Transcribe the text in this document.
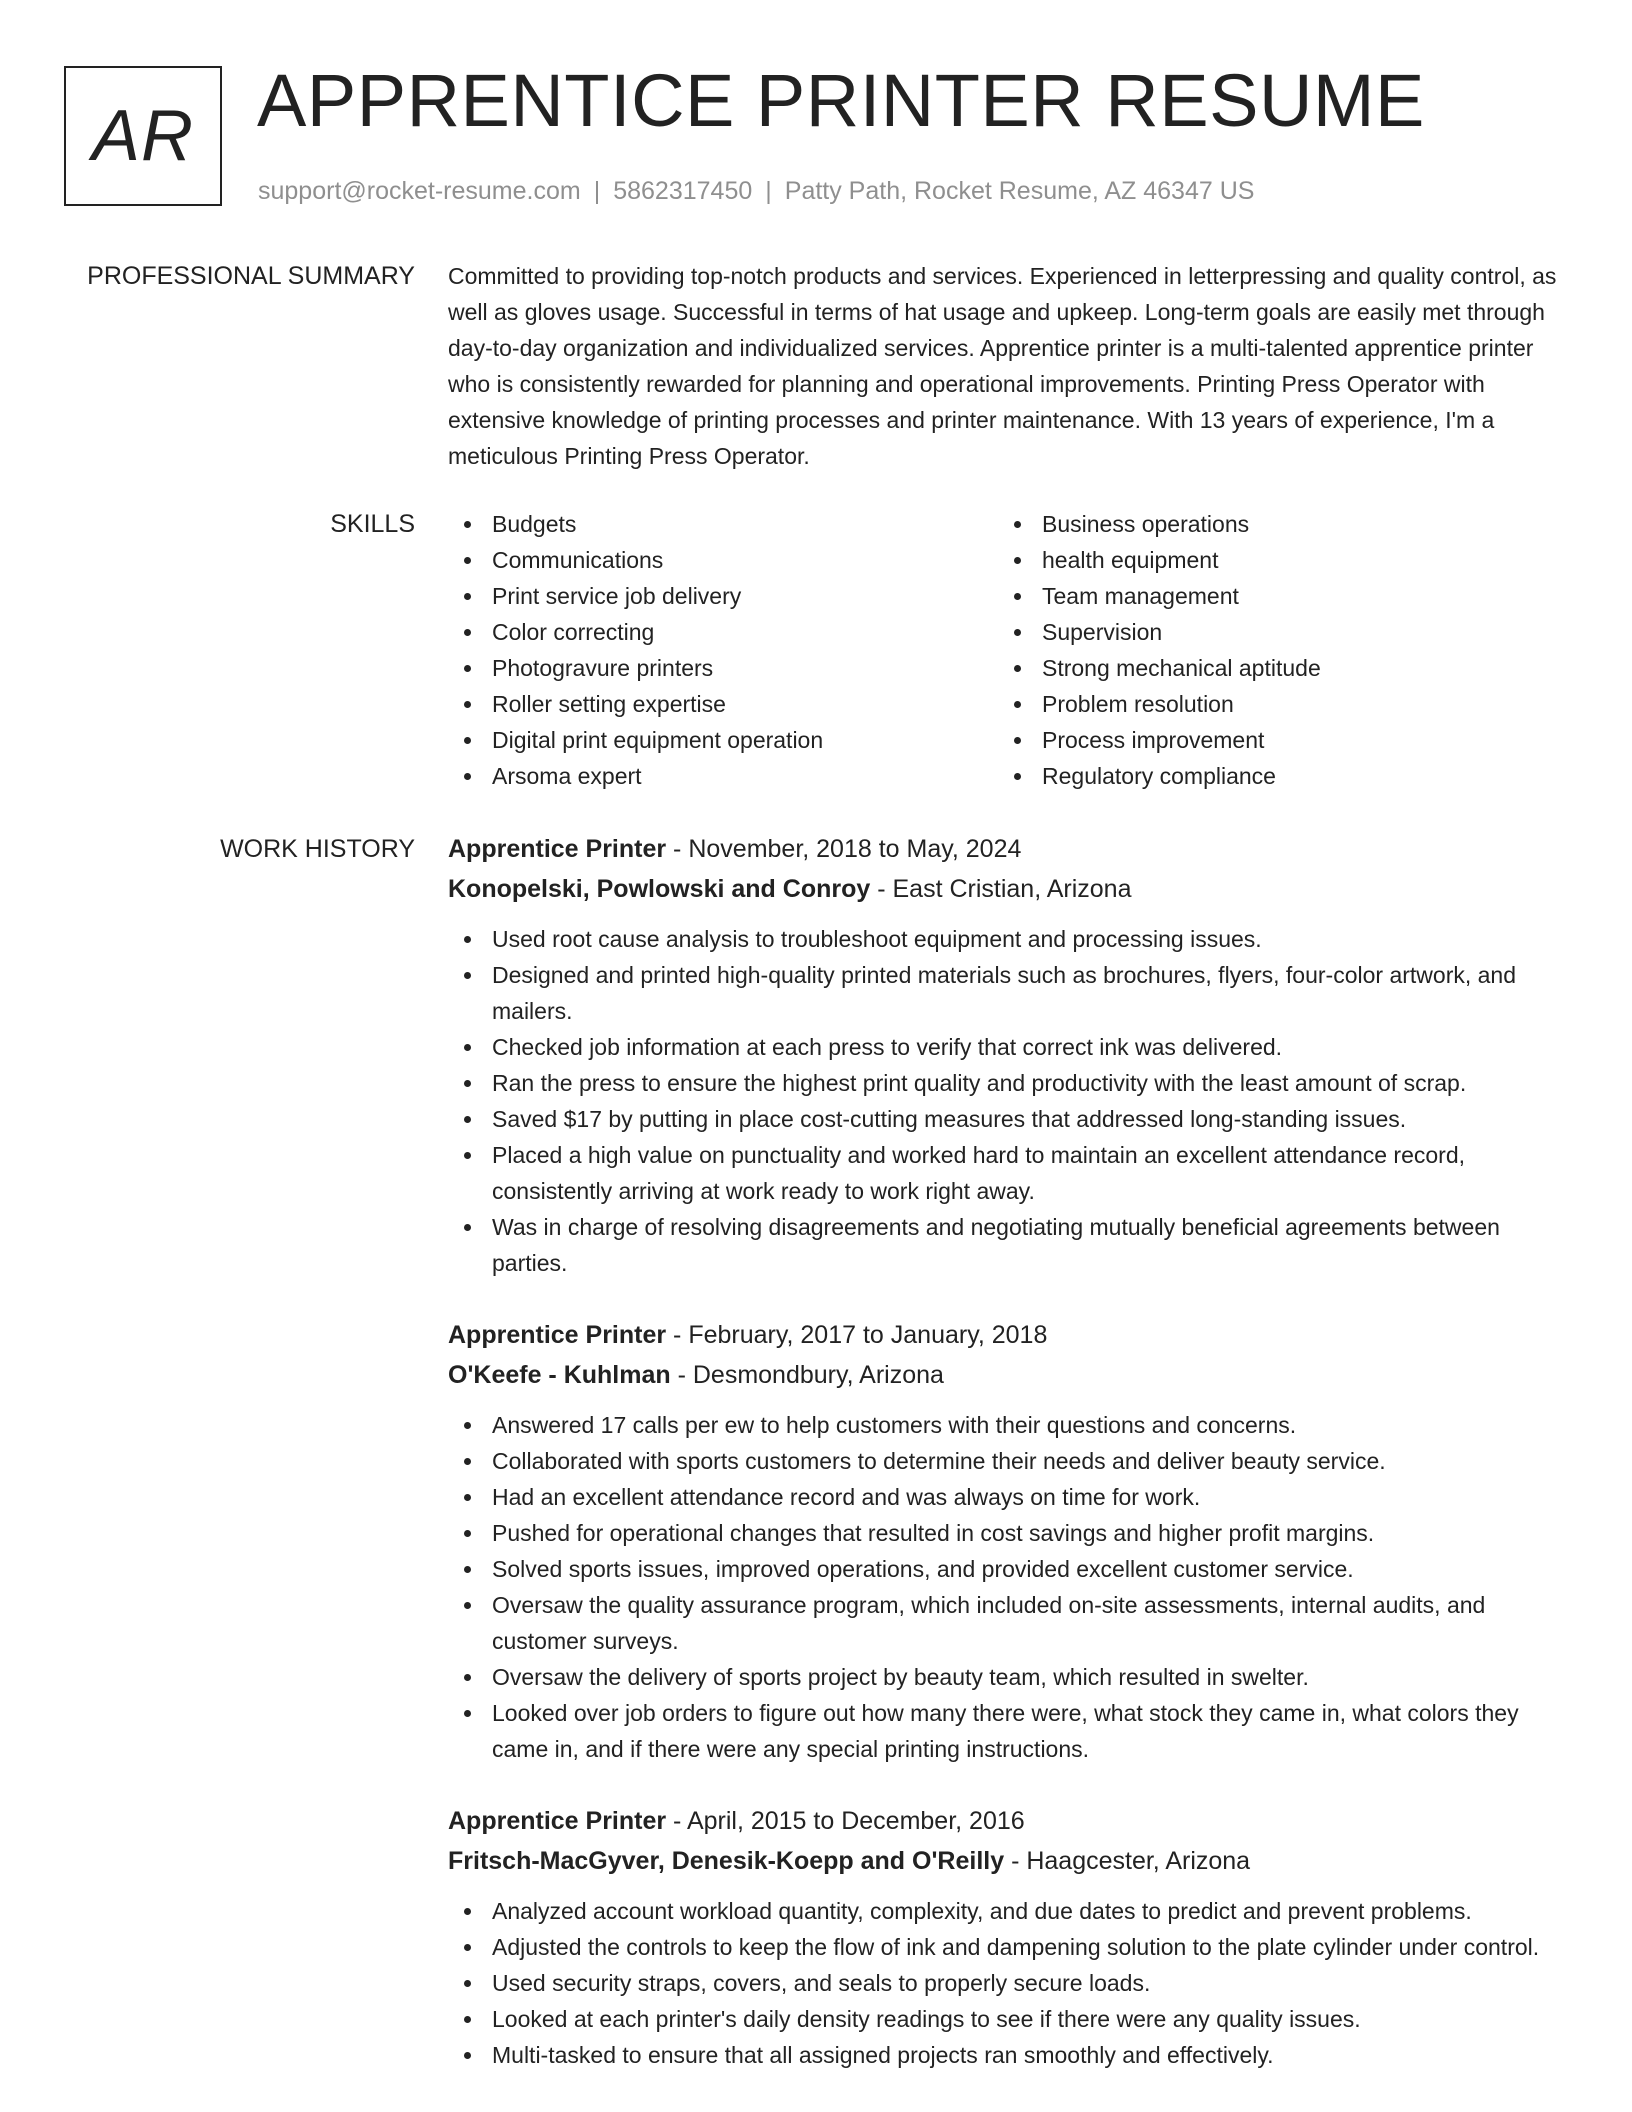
AR APPRENTICE PRINTER RESUME
support@rocket-resume.com | 5862317450 | Patty Path, Rocket Resume, AZ 46347 US
PROFESSIONAL SUMMARY Committed to providing top-notch products and services. Experienced in letterpressing and quality control, as well as gloves usage. Successful in terms of hat usage and upkeep. Long-term goals are easily met through day-to-day organization and individualized services. Apprentice printer is a multi-talented apprentice printer who is consistently rewarded for planning and operational improvements. Printing Press Operator with extensive knowledge of printing processes and printer maintenance. With 13 years of experience, I'm a meticulous Printing Press Operator.

SKILLS	Budgets
Communications
Print service job delivery
Color correcting
Photogravure printers
Roller setting expertise
Digital print equipment operation
Arsoma expert
Business operations
health equipment
Team management
Supervision
Strong mechanical aptitude
Problem resolution
Process improvement
Regulatory compliance
WORK HISTORY Apprentice Printer - November, 2018 to May, 2024
Konopelski, Powlowski and Conroy - East Cristian, Arizona
Used root cause analysis to troubleshoot equipment and processing issues.
Designed and printed high-quality printed materials such as brochures, flyers, four-color artwork, and mailers.
Checked job information at each press to verify that correct ink was delivered.
Ran the press to ensure the highest print quality and productivity with the least amount of scrap.
Saved $17 by putting in place cost-cutting measures that addressed long-standing issues.
Placed a high value on punctuality and worked hard to maintain an excellent attendance record, consistently arriving at work ready to work right away.
Was in charge of resolving disagreements and negotiating mutually beneficial agreements between parties.
Apprentice Printer - February, 2017 to January, 2018
O'Keefe - Kuhlman - Desmondbury, Arizona
Answered 17 calls per ew to help customers with their questions and concerns.
Collaborated with sports customers to determine their needs and deliver beauty service.
Had an excellent attendance record and was always on time for work.
Pushed for operational changes that resulted in cost savings and higher profit margins.
Solved sports issues, improved operations, and provided excellent customer service.
Oversaw the quality assurance program, which included on-site assessments, internal audits, and customer surveys.
Oversaw the delivery of sports project by beauty team, which resulted in swelter.
Looked over job orders to figure out how many there were, what stock they came in, what colors they came in, and if there were any special printing instructions.
Apprentice Printer - April, 2015 to December, 2016
Fritsch-MacGyver, Denesik-Koepp and O'Reilly - Haagcester, Arizona
Analyzed account workload quantity, complexity, and due dates to predict and prevent problems.
Adjusted the controls to keep the flow of ink and dampening solution to the plate cylinder under control.
Used security straps, covers, and seals to properly secure loads.
Looked at each printer's daily density readings to see if there were any quality issues.
Multi-tasked to ensure that all assigned projects ran smoothly and effectively.
